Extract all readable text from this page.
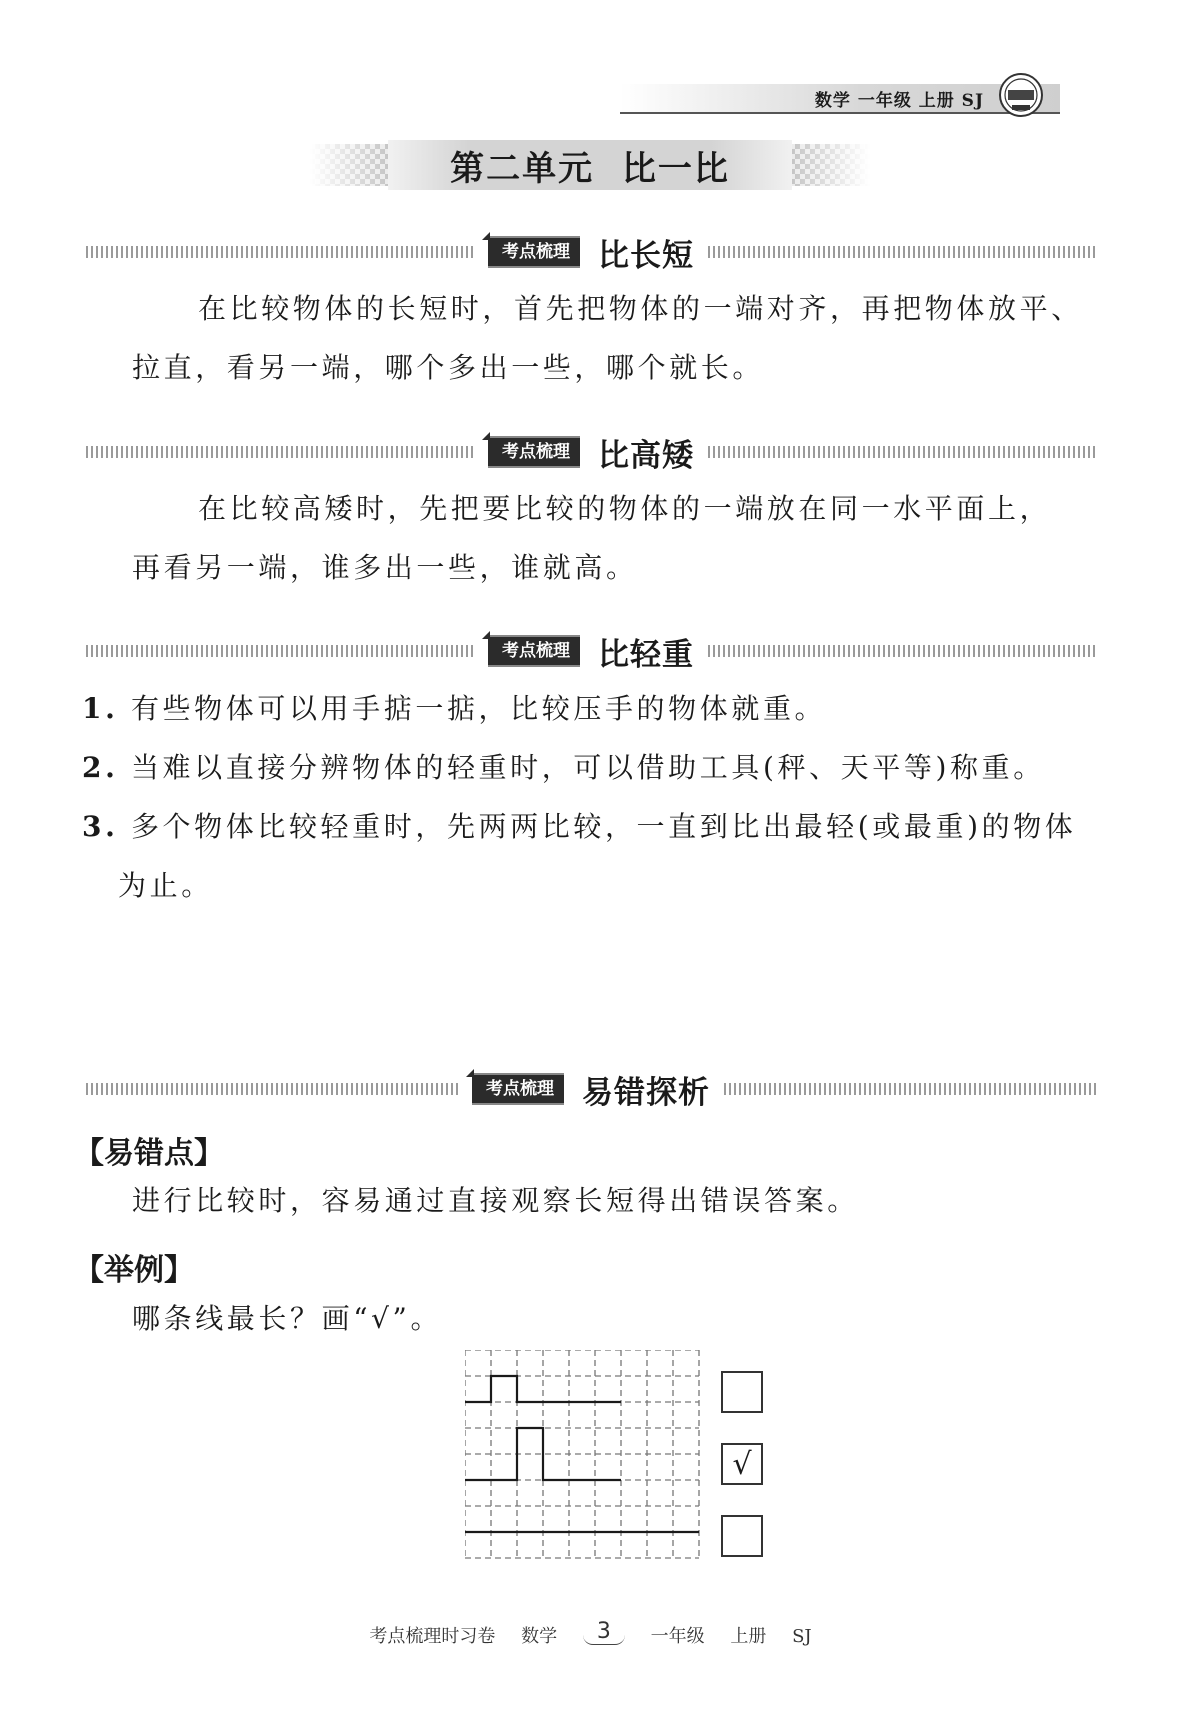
数学 一年级 上册 SJ
第二单元  比一比
考点梳理 比长短
在比较物体的长短时，首先把物体的一端对齐，再把物体放平、
拉直，看另一端，哪个多出一些，哪个就长。
考点梳理 比高矮
在比较高矮时，先把要比较的物体的一端放在同一水平面上，
再看另一端，谁多出一些，谁就高。
考点梳理 比轻重
1. 有些物体可以用手掂一掂，比较压手的物体就重。
2. 当难以直接分辨物体的轻重时，可以借助工具(秤、天平等)称重。
3. 多个物体比较轻重时，先两两比较，一直到比出最轻(或最重)的物体
为止。
考点梳理 易错探析
【易错点】
进行比较时，容易通过直接观察长短得出错误答案。
【举例】
哪条线最长？画“√”。
√
考点梳理时习卷 数学 3 一年级 上册 SJ
